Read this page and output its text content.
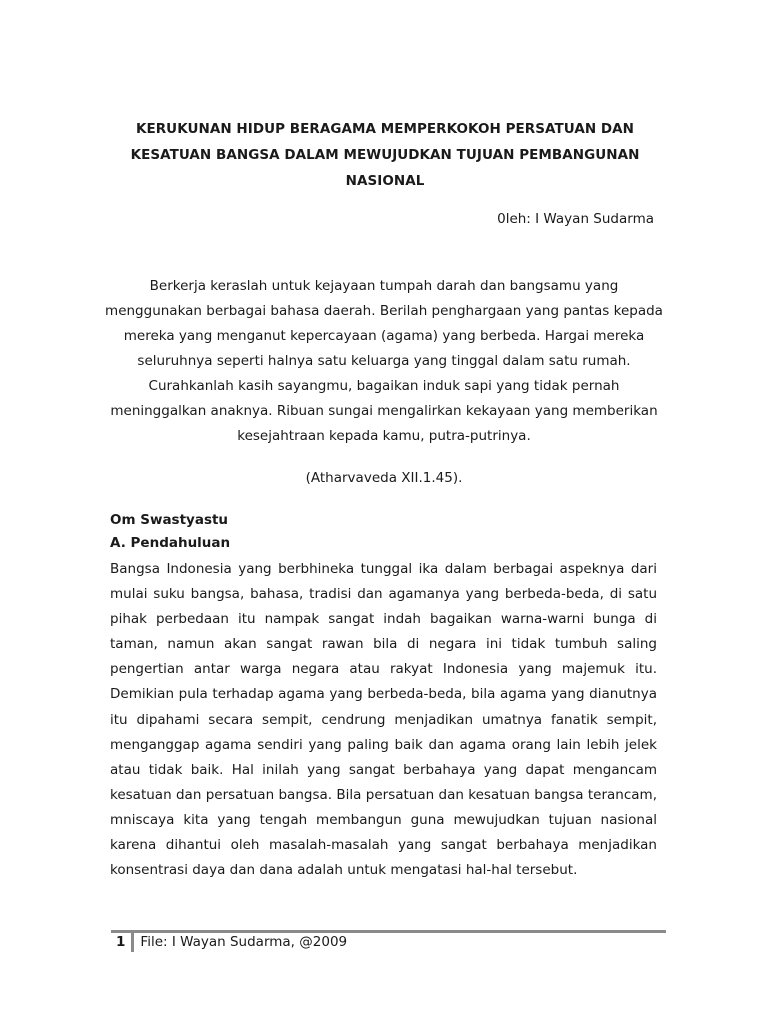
KERUKUNAN HIDUP BERAGAMA MEMPERKOKOH PERSATUAN DAN KESATUAN BANGSA DALAM MEWUJUDKAN TUJUAN PEMBANGUNAN NASIONAL
0leh: I Wayan Sudarma
Berkerja keraslah untuk kejayaan tumpah darah dan bangsamu yang menggunakan berbagai bahasa daerah. Berilah penghargaan yang pantas kepada mereka yang menganut kepercayaan (agama) yang berbeda. Hargai mereka seluruhnya seperti halnya satu keluarga yang tinggal dalam satu rumah. Curahkanlah kasih sayangmu, bagaikan induk sapi yang tidak pernah meninggalkan anaknya. Ribuan sungai mengalirkan kekayaan yang memberikan kesejahtraan kepada kamu, putra-putrinya.
(Atharvaveda XII.1.45).
Om Swastyastu
A. Pendahuluan
Bangsa Indonesia yang berbhineka tunggal ika dalam berbagai aspeknya dari mulai suku bangsa, bahasa, tradisi dan agamanya yang berbeda-beda, di satu pihak perbedaan itu nampak sangat indah bagaikan warna-warni bunga di taman, namun akan sangat rawan bila di negara ini tidak tumbuh saling pengertian antar warga negara atau rakyat Indonesia yang majemuk itu. Demikian pula terhadap agama yang berbeda-beda, bila agama yang dianutnya itu dipahami secara sempit, cendrung menjadikan umatnya fanatik sempit, menganggap agama sendiri yang paling baik dan agama orang lain lebih jelek atau tidak baik. Hal inilah yang sangat berbahaya yang dapat mengancam kesatuan dan persatuan bangsa. Bila persatuan dan kesatuan bangsa terancam, mniscaya kita yang tengah membangun guna mewujudkan tujuan nasional karena dihantui oleh masalah-masalah yang sangat berbahaya menjadikan konsentrasi daya dan dana adalah untuk mengatasi hal-hal tersebut.
1 File: I Wayan Sudarma, @2009
